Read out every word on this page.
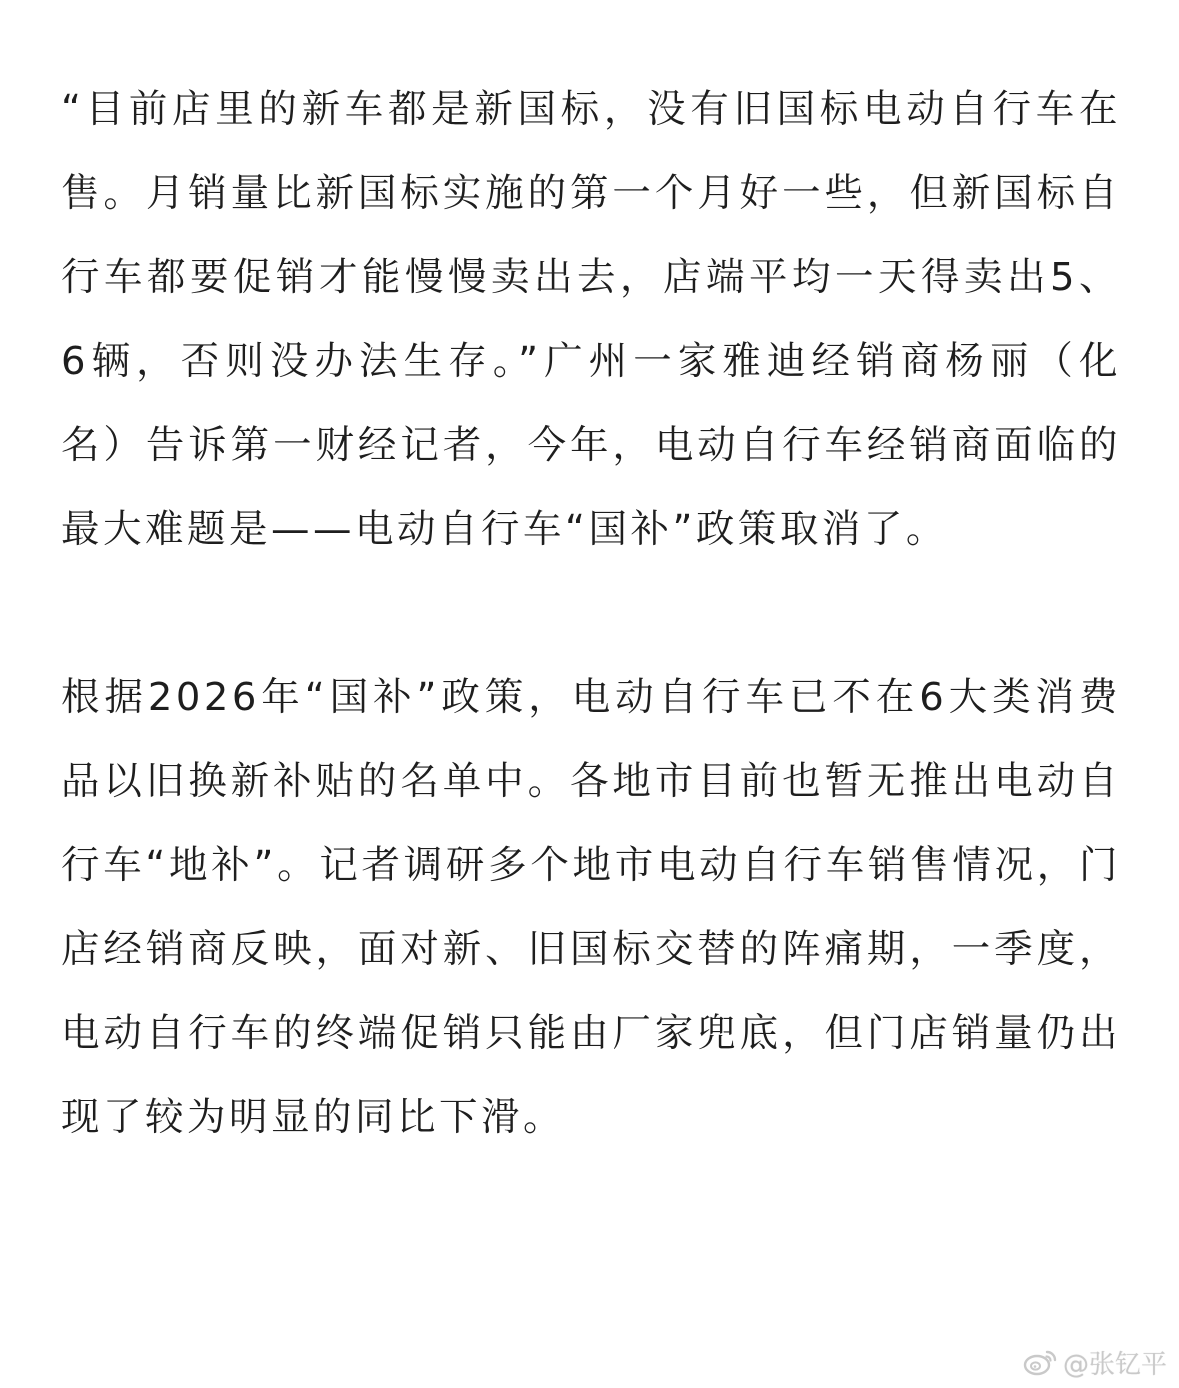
“目前店里的新车都是新国标，没有旧国标电动自行车在售。月销量比新国标实施的第一个月好一些，但新国标自行车都要促销才能慢慢卖出去，店端平均一天得卖出5、6辆，否则没办法生存。”广州一家雅迪经销商杨丽（化名）告诉第一财经记者，今年，电动自行车经销商面临的最大难题是——电动自行车“国补”政策取消了。

根据2026年“国补”政策，电动自行车已不在6大类消费品以旧换新补贴的名单中。各地市目前也暂无推出电动自行车“地补”。记者调研多个地市电动自行车销售情况，门店经销商反映，面对新、旧国标交替的阵痛期，一季度，电动自行车的终端促销只能由厂家兜底，但门店销量仍出现了较为明显的同比下滑。

@张钇平
